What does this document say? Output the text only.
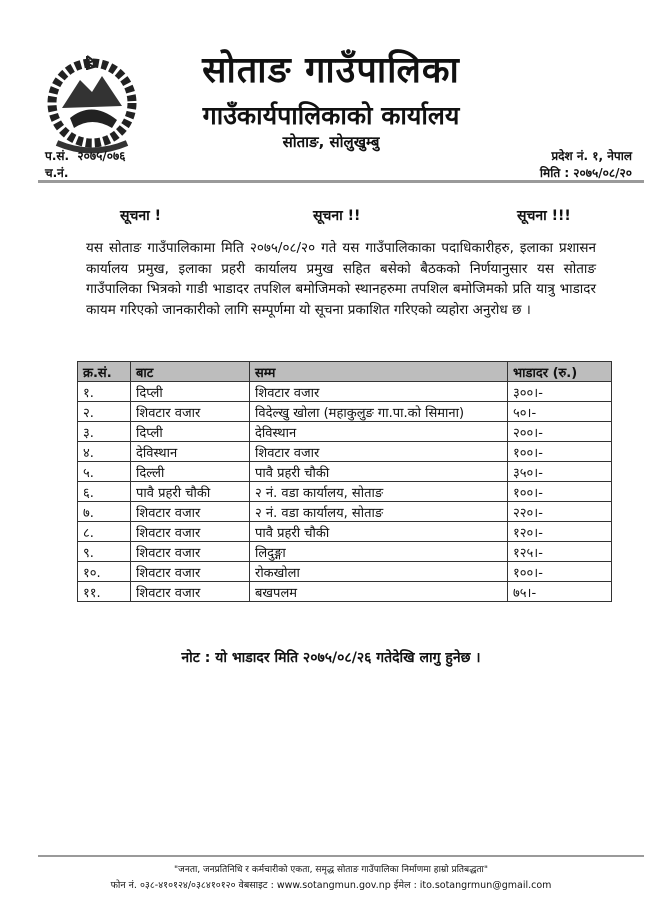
सोताङ गाउँपालिका
गाउँकार्यपालिकाको कार्यालय
सोताङ, सोलुखुम्बु
प.सं.  २०७५/०७६
च.नं.
प्रदेश नं. १, नेपाल
मिति : २०७५/०८/२०
सूचना !	सूचना !!	सूचना !!!
यस सोताङ गाउँपालिकामा मिति २०७५/०८/२० गते यस गाउँपालिकाका पदाधिकारीहरु, इलाका प्रशासन कार्यालय प्रमुख, इलाका प्रहरी कार्यालय प्रमुख सहित बसेको बैठकको निर्णयानुसार यस सोताङ गाउँपालिका भित्रको गाडी भाडादर तपशिल बमोजिमको स्थानहरुमा तपशिल बमोजिमको प्रति यात्रु भाडादर कायम गरिएको जानकारीको लागि सम्पूर्णमा यो सूचना प्रकाशित गरिएको व्यहोरा अनुरोध छ ।
क्र.सं.	बाट	सम्म	भाडादर (रु.)
१.	दिप्ली	शिवटार वजार	३००।-
२.	शिवटार वजार	विदेल्खु खोला (महाकुलुङ गा.पा.को सिमाना)	५०।-
३.	दिप्ली	देविस्थान	२००।-
४.	देविस्थान	शिवटार वजार	१००।-
५.	दिल्ली	पावै प्रहरी चौकी	३५०।-
६.	पावै प्रहरी चौकी	२ नं. वडा कार्यालय, सोताङ	१००।-
७.	शिवटार वजार	२ नं. वडा कार्यालय, सोताङ	२२०।-
८.	शिवटार वजार	पावै प्रहरी चौकी	१२०।-
९.	शिवटार वजार	लिदुङ्गा	१२५।-
१०.	शिवटार वजार	रोकखोला	१००।-
११.	शिवटार वजार	बखपलम	७५।-
नोट : यो भाडादर मिति २०७५/०८/२६ गतेदेखि लागु हुनेछ ।
"जनता, जनप्रतिनिधि र कर्मचारीको एकता, समृद्ध सोताङ गाउँपालिका निर्माणमा हाम्रो प्रतिबद्धता"
फोन नं. ०३८-४१०१२४/०३८४१०१२० वेबसाइट : www.sotangmun.gov.np ईमेल : ito.sotangrmun@gmail.com
